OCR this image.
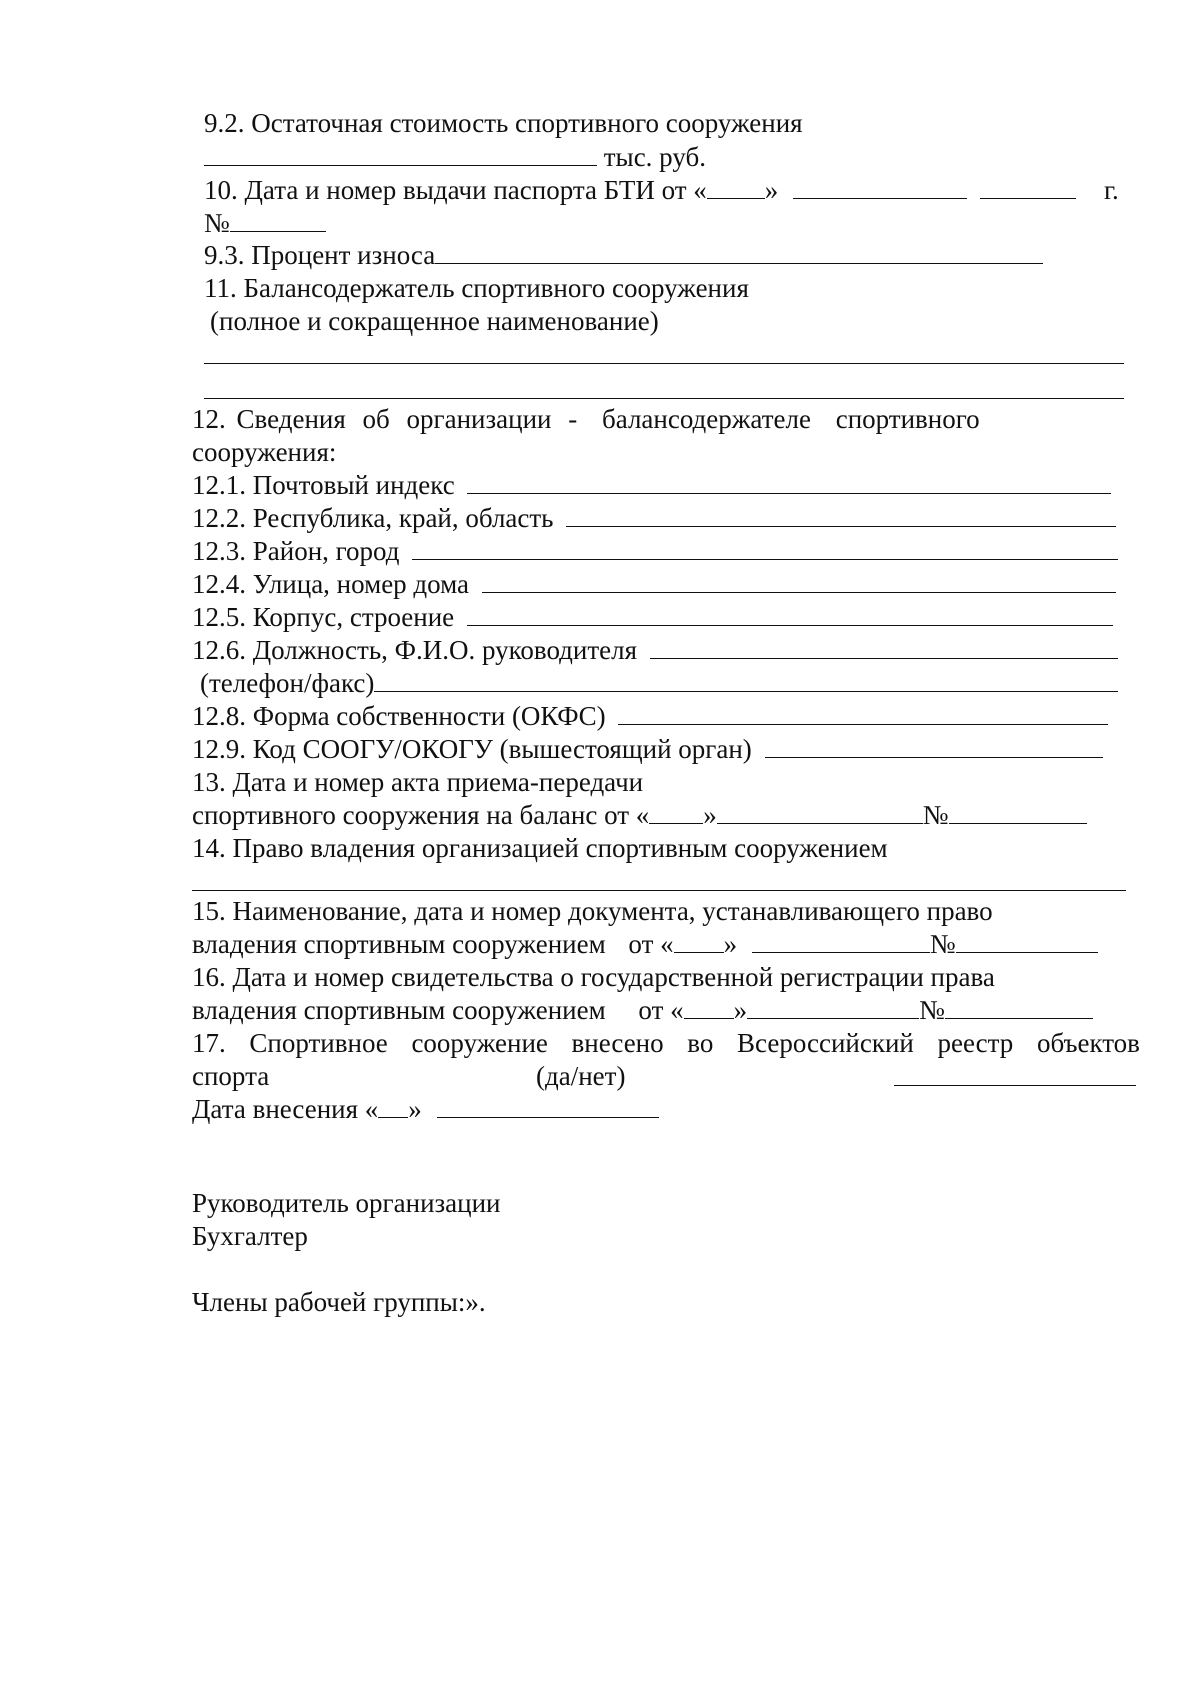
9.2. Остаточная стоимость спортивного сооружения
тыс. руб.
10. Дата и номер выдачи паспорта БТИ от « »	г.
№
9.3. Процент износа
11. Балансодержатель спортивного сооружения
(полное и сокращенное наименование)
12. Сведения об организации - балансодержателе спортивного
сооружения:
12.1. Почтовый индекс
12.2. Республика, край, область
12.3. Район, город
12.4. Улица, номер дома
12.5. Корпус, строение
12.6. Должность, Ф.И.О. руководителя
(телефон/факс)
12.8. Форма собственности (ОКФС)
12.9. Код СООГУ/ОКОГУ (вышестоящий орган)
13. Дата и номер акта приема-передачи
спортивного сооружения на баланс от « »	№
14. Право владения организацией спортивным сооружением
15. Наименование, дата и номер документа, устанавливающего право
владения спортивным сооружением от « »	№
16. Дата и номер свидетельства о государственной регистрации права
владения спортивным сооружением от « »	№
17. Спортивное сооружение внесено во Всероссийский реестр объектов
спорта	(да/нет)
Дата внесения « »
Руководитель организации
Бухгалтер
Члены рабочей группы:».
